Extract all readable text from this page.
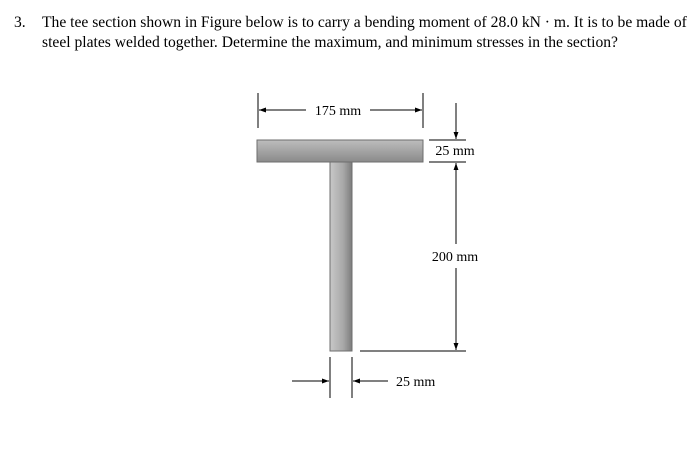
3. The tee section shown in Figure below is to carry a bending moment of 28.0 kN · m. It is to be made of steel plates welded together. Determine the maximum, and minimum stresses in the section?
175 mm
25 mm
200 mm
25 mm
